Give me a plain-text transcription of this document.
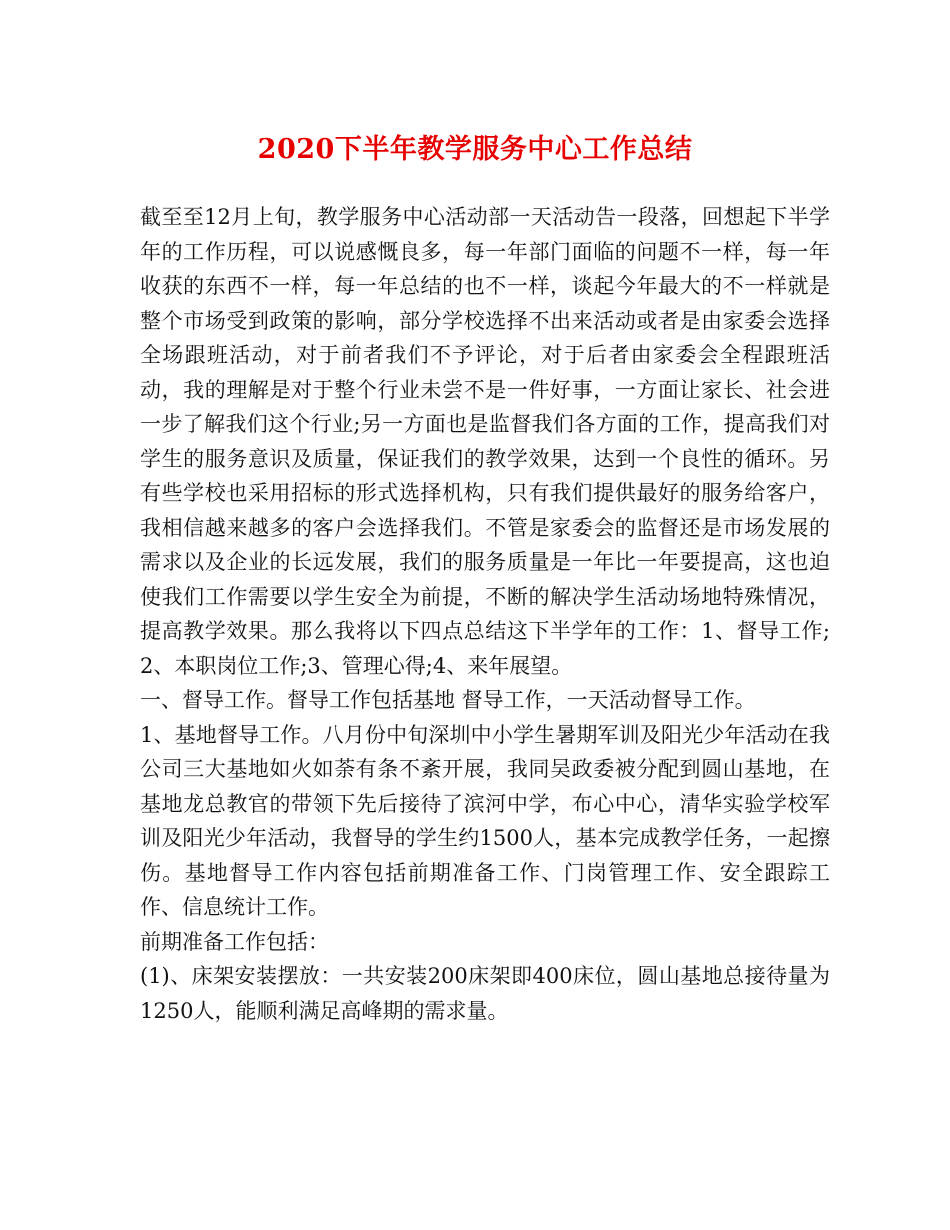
2020下半年教学服务中心工作总结

截至至12月上旬，教学服务中心活动部一天活动告一段落，回想起下半学年的工作历程，可以说感慨良多，每一年部门面临的问题不一样，每一年收获的东西不一样，每一年总结的也不一样，谈起今年最大的不一样就是整个市场受到政策的影响，部分学校选择不出来活动或者是由家委会选择全场跟班活动，对于前者我们不予评论，对于后者由家委会全程跟班活动，我的理解是对于整个行业未尝不是一件好事，一方面让家长、社会进一步了解我们这个行业;另一方面也是监督我们各方面的工作，提高我们对学生的服务意识及质量，保证我们的教学效果，达到一个良性的循环。另有些学校也采用招标的形式选择机构，只有我们提供最好的服务给客户，我相信越来越多的客户会选择我们。不管是家委会的监督还是市场发展的需求以及企业的长远发展，我们的服务质量是一年比一年要提高，这也迫使我们工作需要以学生安全为前提，不断的解决学生活动场地特殊情况，提高教学效果。那么我将以下四点总结这下半学年的工作：1、督导工作;2、本职岗位工作;3、管理心得;4、来年展望。

一、督导工作。督导工作包括基地 督导工作，一天活动督导工作。

1、基地督导工作。八月份中旬深圳中小学生暑期军训及阳光少年活动在我公司三大基地如火如荼有条不紊开展，我同吴政委被分配到圆山基地，在基地龙总教官的带领下先后接待了滨河中学，布心中心，清华实验学校军训及阳光少年活动，我督导的学生约1500人，基本完成教学任务，一起擦伤。基地督导工作内容包括前期准备工作、门岗管理工作、安全跟踪工作、信息统计工作。

前期准备工作包括：

(1)、床架安装摆放：一共安装200床架即400床位，圆山基地总接待量为1250人，能顺利满足高峰期的需求量。
